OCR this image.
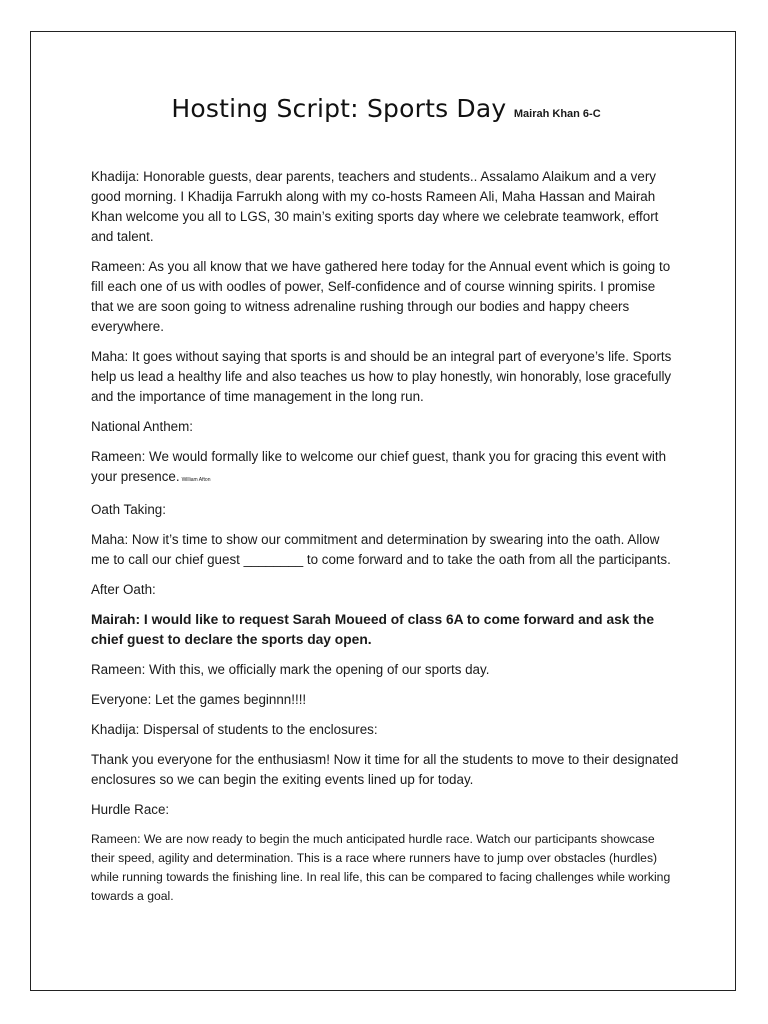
Hosting Script: Sports Day Mairah Khan 6-C

Khadija: Honorable guests, dear parents, teachers and students.. Assalamo Alaikum and a very good morning. I Khadija Farrukh along with my co-hosts Rameen Ali, Maha Hassan and Mairah Khan welcome you all to LGS, 30 main’s exiting sports day where we celebrate teamwork, effort and talent.

Rameen: As you all know that we have gathered here today for the Annual event which is going to fill each one of us with oodles of power, Self-confidence and of course winning spirits. I promise that we are soon going to witness adrenaline rushing through our bodies and happy cheers everywhere.

Maha: It goes without saying that sports is and should be an integral part of everyone’s life. Sports help us lead a healthy life and also teaches us how to play honestly, win honorably, lose gracefully and the importance of time management in the long run.

National Anthem:

Rameen: We would formally like to welcome our chief guest, thank you for gracing this event with your presence. William Afton

Oath Taking:

Maha: Now it’s time to show our commitment and determination by swearing into the oath. Allow me to call our chief guest ________ to come forward and to take the oath from all the participants.

After Oath:

Mairah: I would like to request Sarah Moueed of class 6A to come forward and ask the chief guest to declare the sports day open.

Rameen: With this, we officially mark the opening of our sports day.

Everyone: Let the games beginnn!!!!

Khadija: Dispersal of students to the enclosures:

Thank you everyone for the enthusiasm! Now it time for all the students to move to their designated enclosures so we can begin the exiting events lined up for today.

Hurdle Race:

Rameen: We are now ready to begin the much anticipated hurdle race. Watch our participants showcase their speed, agility and determination. This is a race where runners have to jump over obstacles (hurdles) while running towards the finishing line. In real life, this can be compared to facing challenges while working towards a goal.
